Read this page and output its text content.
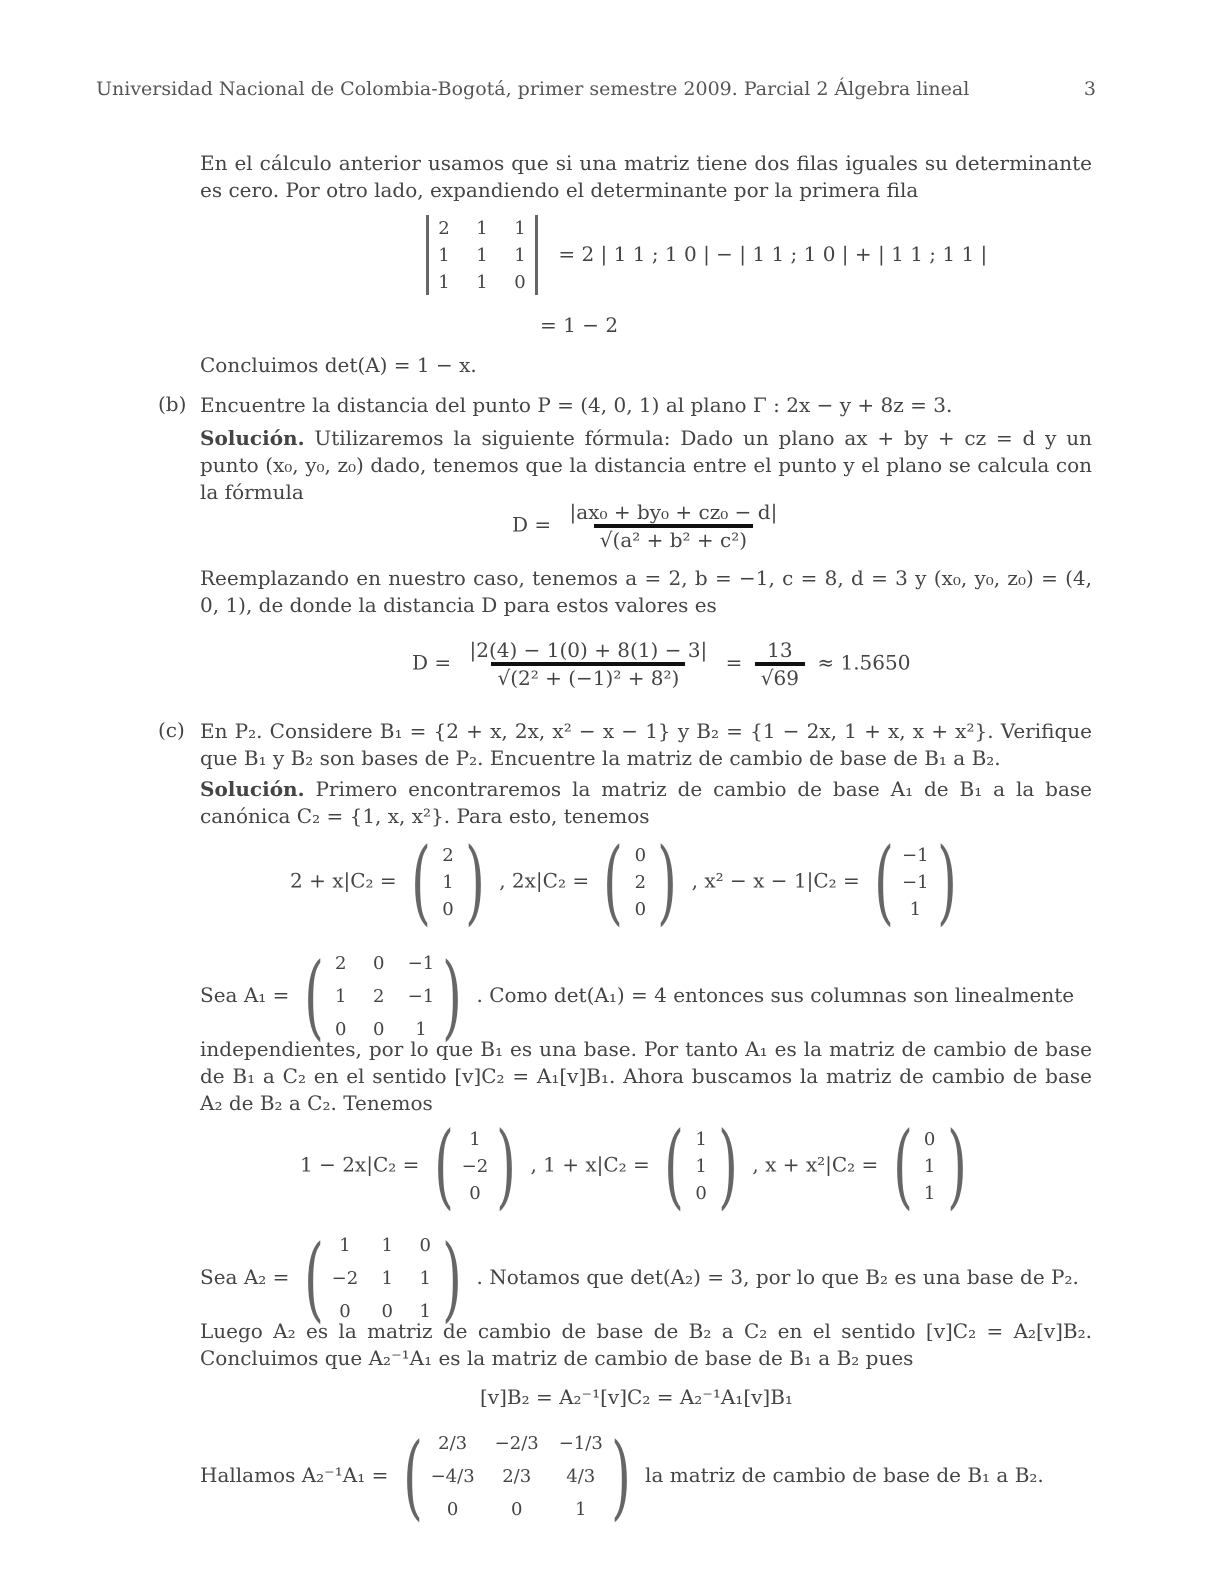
Universidad Nacional de Colombia-Bogotá, primer semestre 2009. Parcial 2 Álgebra lineal	3
En el cálculo anterior usamos que si una matriz tiene dos filas iguales su determinante es cero. Por otro lado, expandiendo el determinante por la primera fila
2 1 1
1 1 1
1 1 0
= 2 | 1 1 ; 1 0 | − | 1 1 ; 1 0 | + | 1 1 ; 1 1 |
= 1 − 2
Concluimos det(A) = 1 − x.
(b) Encuentre la distancia del punto P = (4, 0, 1) al plano Γ : 2x − y + 8z = 3.
Solución. Utilizaremos la siguiente fórmula: Dado un plano ax + by + cz = d y un punto (x₀, y₀, z₀) dado, tenemos que la distancia entre el punto y el plano se calcula con la fórmula
$D = \frac{\text{|ax₀ + by₀ + cz₀ − d|}}{\text{√(a² + b² + c²)}}$
Reemplazando en nuestro caso, tenemos a = 2, b = −1, c = 8, d = 3 y (x₀, y₀, z₀) = (4, 0, 1), de donde la distancia D para estos valores es
$D = \frac{|2(4) - 1(0) + 8(1) - 3|}{\text{√(2² + (−1)² + 8²)}} = \frac{13}{√69} \approx 1.5650$
(c) En P₂. Considere B₁ = {2 + x, 2x, x² − x − 1} y B₂ = {1 − 2x, 1 + x, x + x²}. Verifique que B₁ y B₂ son bases de P₂. Encuentre la matriz de cambio de base de B₁ a B₂.
Solución. Primero encontraremos la matriz de cambio de base A₁ de B₁ a la base canónica C₂ = {1, x, x²}. Para esto, tenemos
2 + x|C₂ = ( 2
1
0 ) , 2x|C₂ = ( 0
2
0 ) , x² − x − 1|C₂ = ( −1
−1
1 )
Sea A₁ = ( 2 0 −1
1 2 −1
0 0	1 ) . Como det(A₁) = 4 entonces sus columnas son linealmente
independientes, por lo que B₁ es una base. Por tanto A₁ es la matriz de cambio de base de B₁ a C₂ en el sentido [v]C₂ = A₁[v]B₁. Ahora buscamos la matriz de cambio de base A₂ de B₂ a C₂. Tenemos
1 − 2x|C₂ = ( 1
−2
0 ) , 1 + x|C₂ = ( 1
1
0 ) , x + x²|C₂ = ( 0
1
1 )
Sea A₂ = ( 1	1 0
−2 1 1
0	0 1 ) . Notamos que det(A₂) = 3, por lo que B₂ es una base de P₂.
Luego A₂ es la matriz de cambio de base de B₂ a C₂ en el sentido [v]C₂ = A₂[v]B₂. Concluimos que A₂⁻¹A₁ es la matriz de cambio de base de B₁ a B₂ pues
[v]B₂ = A₂⁻¹[v]C₂ = A₂⁻¹A₁[v]B₁
Hallamos A₂⁻¹A₁ = ( 2/3	−2/3 −1/3
−4/3	2/3	4/3
0	0	1 ) la matriz de cambio de base de B₁ a B₂.
